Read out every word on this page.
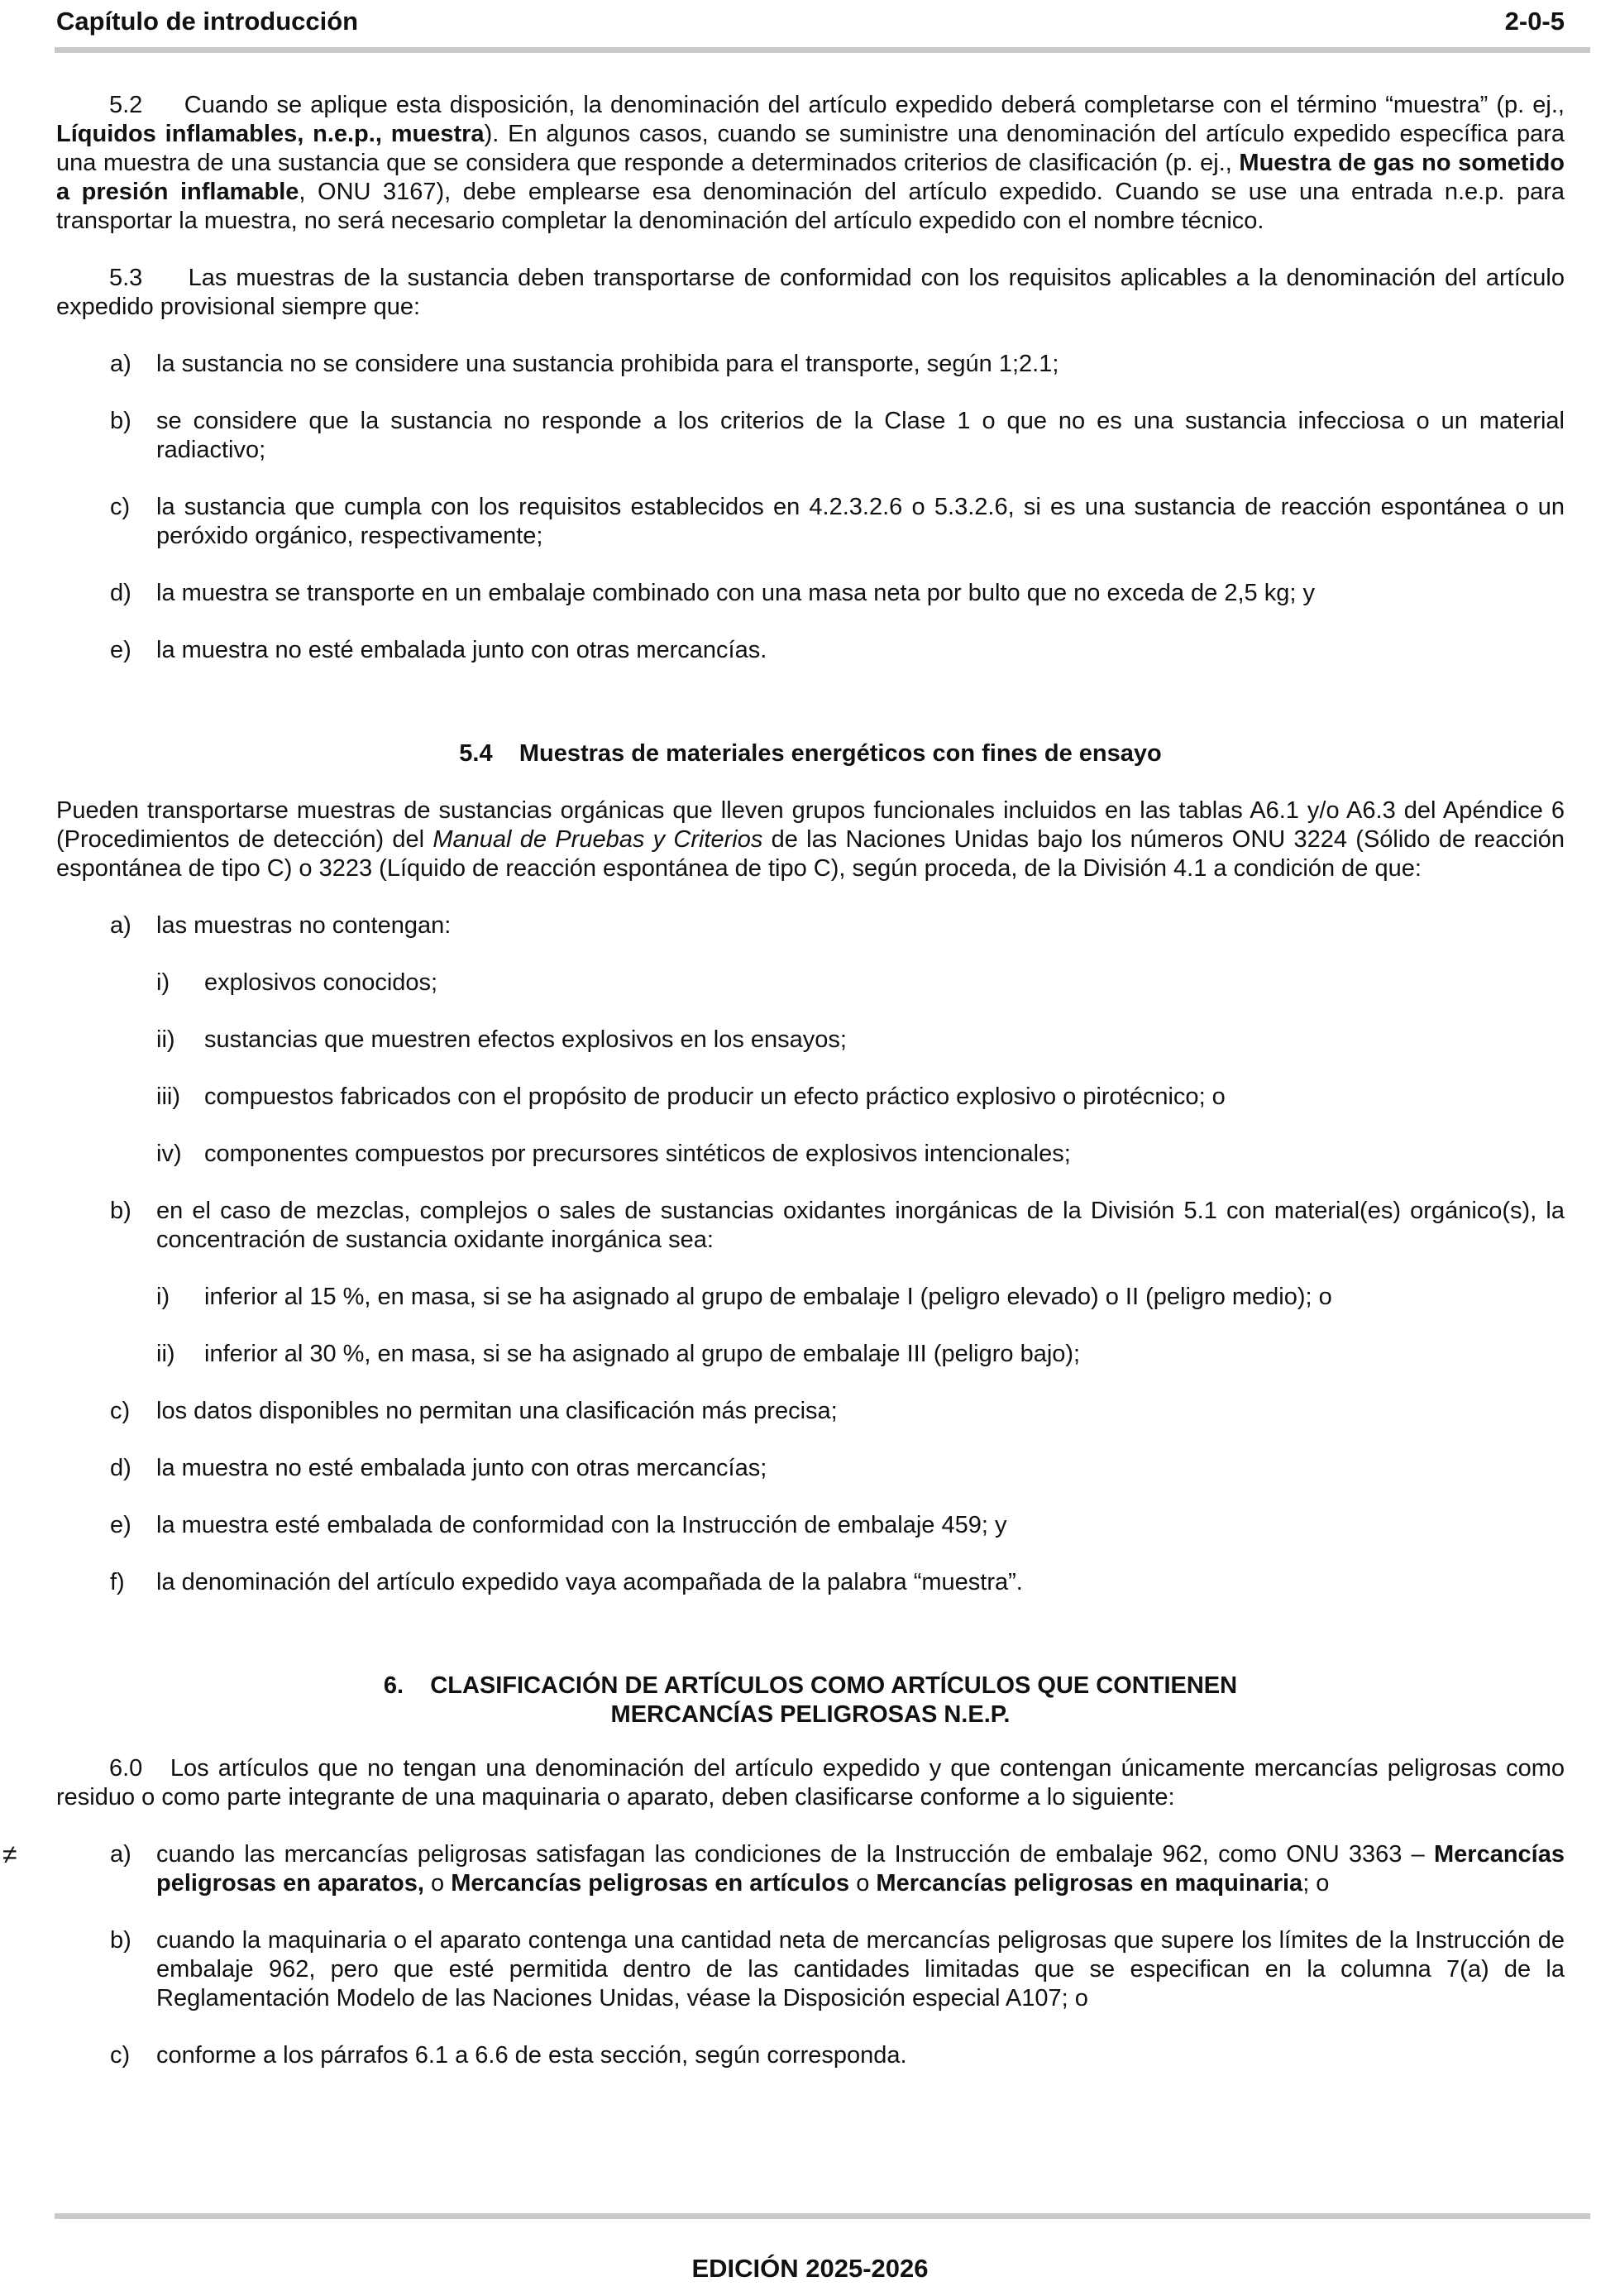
Capítulo de introducción	2-0-5

5.2 Cuando se aplique esta disposición, la denominación del artículo expedido deberá completarse con el término “muestra” (p. ej., Líquidos inflamables, n.e.p., muestra). En algunos casos, cuando se suministre una denominación del artículo expedido específica para una muestra de una sustancia que se considera que responde a determinados criterios de clasificación (p. ej., Muestra de gas no sometido a presión inflamable, ONU 3167), debe emplearse esa denominación del artículo expedido. Cuando se use una entrada n.e.p. para transportar la muestra, no será necesario completar la denominación del artículo expedido con el nombre técnico.

5.3 Las muestras de la sustancia deben transportarse de conformidad con los requisitos aplicables a la denominación del artículo expedido provisional siempre que:

a)	la sustancia no se considere una sustancia prohibida para el transporte, según 1;2.1;
b)	se considere que la sustancia no responde a los criterios de la Clase 1 o que no es una sustancia infecciosa o un material radiactivo;
c)	la sustancia que cumpla con los requisitos establecidos en 4.2.3.2.6 o 5.3.2.6, si es una sustancia de reacción espontánea o un peróxido orgánico, respectivamente;
d)	la muestra se transporte en un embalaje combinado con una masa neta por bulto que no exceda de 2,5 kg; y
e)	la muestra no esté embalada junto con otras mercancías.

5.4    Muestras de materiales energéticos con fines de ensayo

Pueden transportarse muestras de sustancias orgánicas que lleven grupos funcionales incluidos en las tablas A6.1 y/o A6.3 del Apéndice 6 (Procedimientos de detección) del Manual de Pruebas y Criterios de las Naciones Unidas bajo los números ONU 3224 (Sólido de reacción espontánea de tipo C) o 3223 (Líquido de reacción espontánea de tipo C), según proceda, de la División 4.1 a condición de que:

a)	las muestras no contengan:
i)	explosivos conocidos;
ii)	sustancias que muestren efectos explosivos en los ensayos;
iii)	compuestos fabricados con el propósito de producir un efecto práctico explosivo o pirotécnico; o
iv) componentes compuestos por precursores sintéticos de explosivos intencionales;
b)	en el caso de mezclas, complejos o sales de sustancias oxidantes inorgánicas de la División 5.1 con material(es) orgánico(s), la concentración de sustancia oxidante inorgánica sea:
i)	inferior al 15 %, en masa, si se ha asignado al grupo de embalaje I (peligro elevado) o II (peligro medio); o
ii)	inferior al 30 %, en masa, si se ha asignado al grupo de embalaje III (peligro bajo);
c)	los datos disponibles no permitan una clasificación más precisa;
d)	la muestra no esté embalada junto con otras mercancías;
e)	la muestra esté embalada de conformidad con la Instrucción de embalaje 459; y
f)	la denominación del artículo expedido vaya acompañada de la palabra “muestra”.
6.    CLASIFICACIÓN DE ARTÍCULOS COMO ARTÍCULOS QUE CONTIENEN
MERCANCÍAS PELIGROSAS N.E.P.

6.0 Los artículos que no tengan una denominación del artículo expedido y que contengan únicamente mercancías peligrosas como residuo o como parte integrante de una maquinaria o aparato, deben clasificarse conforme a lo siguiente:

≠	a)	cuando las mercancías peligrosas satisfagan las condiciones de la Instrucción de embalaje 962, como ONU 3363 – Mercancías peligrosas en aparatos, o Mercancías peligrosas en artículos o Mercancías peligrosas en maquinaria; o
b)	cuando la maquinaria o el aparato contenga una cantidad neta de mercancías peligrosas que supere los límites de la Instrucción de embalaje 962, pero que esté permitida dentro de las cantidades limitadas que se especifican en la columna 7(a) de la Reglamentación Modelo de las Naciones Unidas, véase la Disposición especial A107; o
c)	conforme a los párrafos 6.1 a 6.6 de esta sección, según corresponda.
EDICIÓN 2025-2026
